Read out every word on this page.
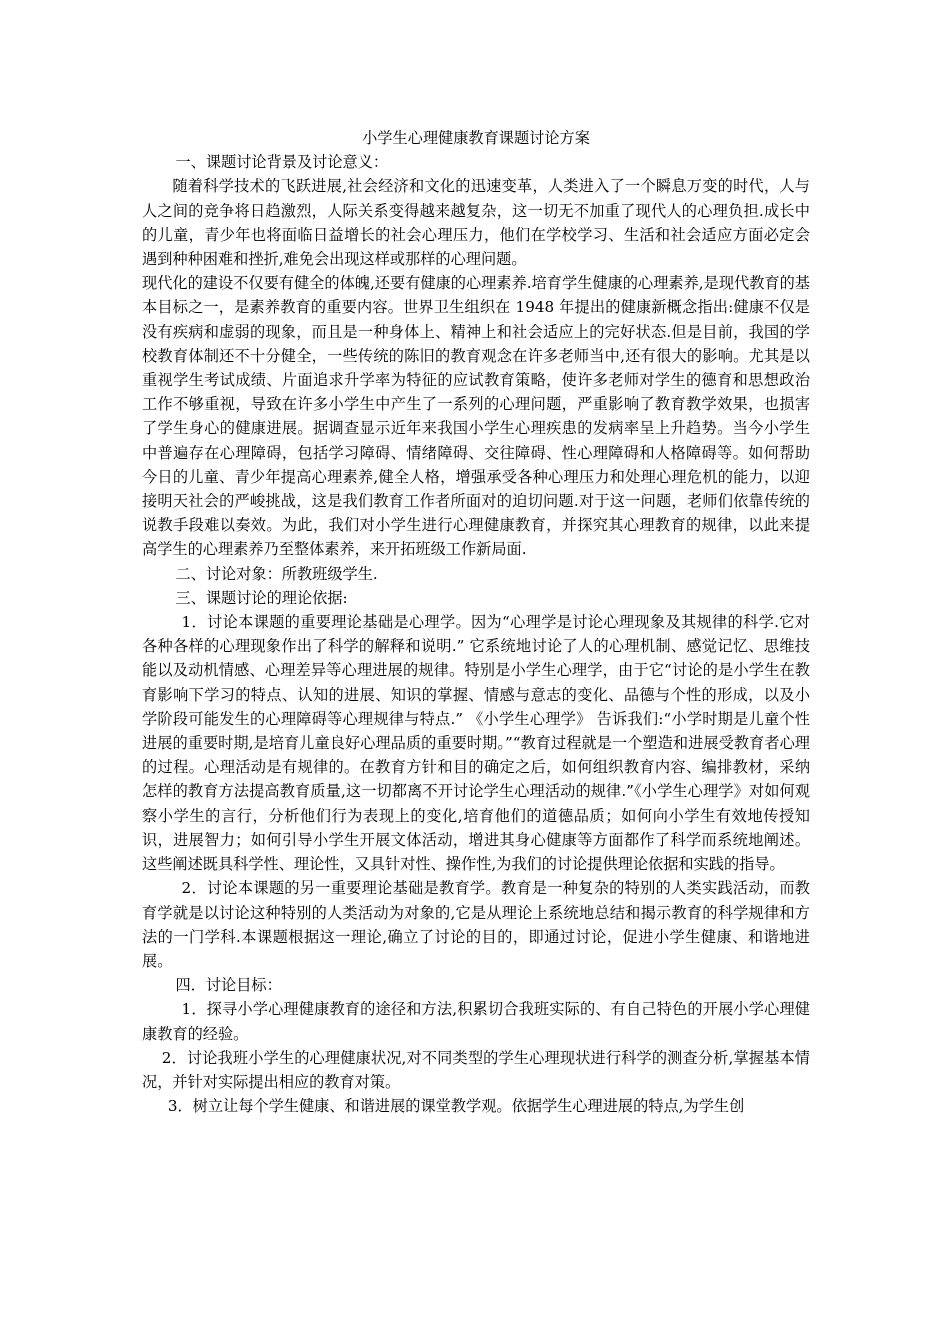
小学生心理健康教育课题讨论方案

一、课题讨论背景及讨论意义：

随着科学技术的飞跃进展,社会经济和文化的迅速变革，人类进入了一个瞬息万变的时代，人与人之间的竞争将日趋激烈，人际关系变得越来越复杂，这一切无不加重了现代人的心理负担.成长中的儿童，青少年也将面临日益增长的社会心理压力，他们在学校学习、生活和社会适应方面必定会遇到种种困难和挫折,难免会出现这样或那样的心理问题。

现代化的建设不仅要有健全的体魄,还要有健康的心理素养.培育学生健康的心理素养,是现代教育的基本目标之一，是素养教育的重要内容。世界卫生组织在 1948 年提出的健康新概念指出:健康不仅是没有疾病和虚弱的现象，而且是一种身体上、精神上和社会适应上的完好状态.但是目前，我国的学校教育体制还不十分健全，一些传统的陈旧的教育观念在许多老师当中,还有很大的影响。尤其是以重视学生考试成绩、片面追求升学率为特征的应试教育策略，使许多老师对学生的德育和思想政治工作不够重视，导致在许多小学生中产生了一系列的心理问题，严重影响了教育教学效果，也损害了学生身心的健康进展。据调查显示近年来我国小学生心理疾患的发病率呈上升趋势。当今小学生中普遍存在心理障碍，包括学习障碍、情绪障碍、交往障碍、性心理障碍和人格障碍等。如何帮助今日的儿童、青少年提高心理素养,健全人格，增强承受各种心理压力和处理心理危机的能力，以迎接明天社会的严峻挑战，这是我们教育工作者所面对的迫切问题.对于这一问题，老师们依靠传统的说教手段难以奏效。为此，我们对小学生进行心理健康教育，并探究其心理教育的规律，以此来提高学生的心理素养乃至整体素养，来开拓班级工作新局面.

二、讨论对象：所教班级学生.

三、课题讨论的理论依据:

1．讨论本课题的重要理论基础是心理学。因为“心理学是讨论心理现象及其规律的科学.它对各种各样的心理现象作出了科学的解释和说明.” 它系统地讨论了人的心理机制、感觉记忆、思维技能以及动机情感、心理差异等心理进展的规律。特别是小学生心理学，由于它“讨论的是小学生在教育影响下学习的特点、认知的进展、知识的掌握、情感与意志的变化、品德与个性的形成，以及小学阶段可能发生的心理障碍等心理规律与特点.” 《小学生心理学》 告诉我们:“小学时期是儿童个性进展的重要时期,是培育儿童良好心理品质的重要时期。”“教育过程就是一个塑造和进展受教育者心理的过程。心理活动是有规律的。在教育方针和目的确定之后，如何组织教育内容、编排教材，采纳怎样的教育方法提高教育质量,这一切都离不开讨论学生心理活动的规律.”《小学生心理学》对如何观察小学生的言行，分析他们行为表现上的变化,培育他们的道德品质；如何向小学生有效地传授知识，进展智力；如何引导小学生开展文体活动，增进其身心健康等方面都作了科学而系统地阐述。这些阐述既具科学性、理论性，又具针对性、操作性,为我们的讨论提供理论依据和实践的指导。

2．讨论本课题的另一重要理论基础是教育学。教育是一种复杂的特别的人类实践活动，而教育学就是以讨论这种特别的人类活动为对象的,它是从理论上系统地总结和揭示教育的科学规律和方法的一门学科.本课题根据这一理论,确立了讨论的目的，即通过讨论，促进小学生健康、和谐地进展。

四．讨论目标：

1．探寻小学心理健康教育的途径和方法,积累切合我班实际的、有自己特色的开展小学心理健康教育的经验。

2．讨论我班小学生的心理健康状况,对不同类型的学生心理现状进行科学的测查分析,掌握基本情况，并针对实际提出相应的教育对策。

3．树立让每个学生健康、和谐进展的课堂教学观。依据学生心理进展的特点,为学生创
